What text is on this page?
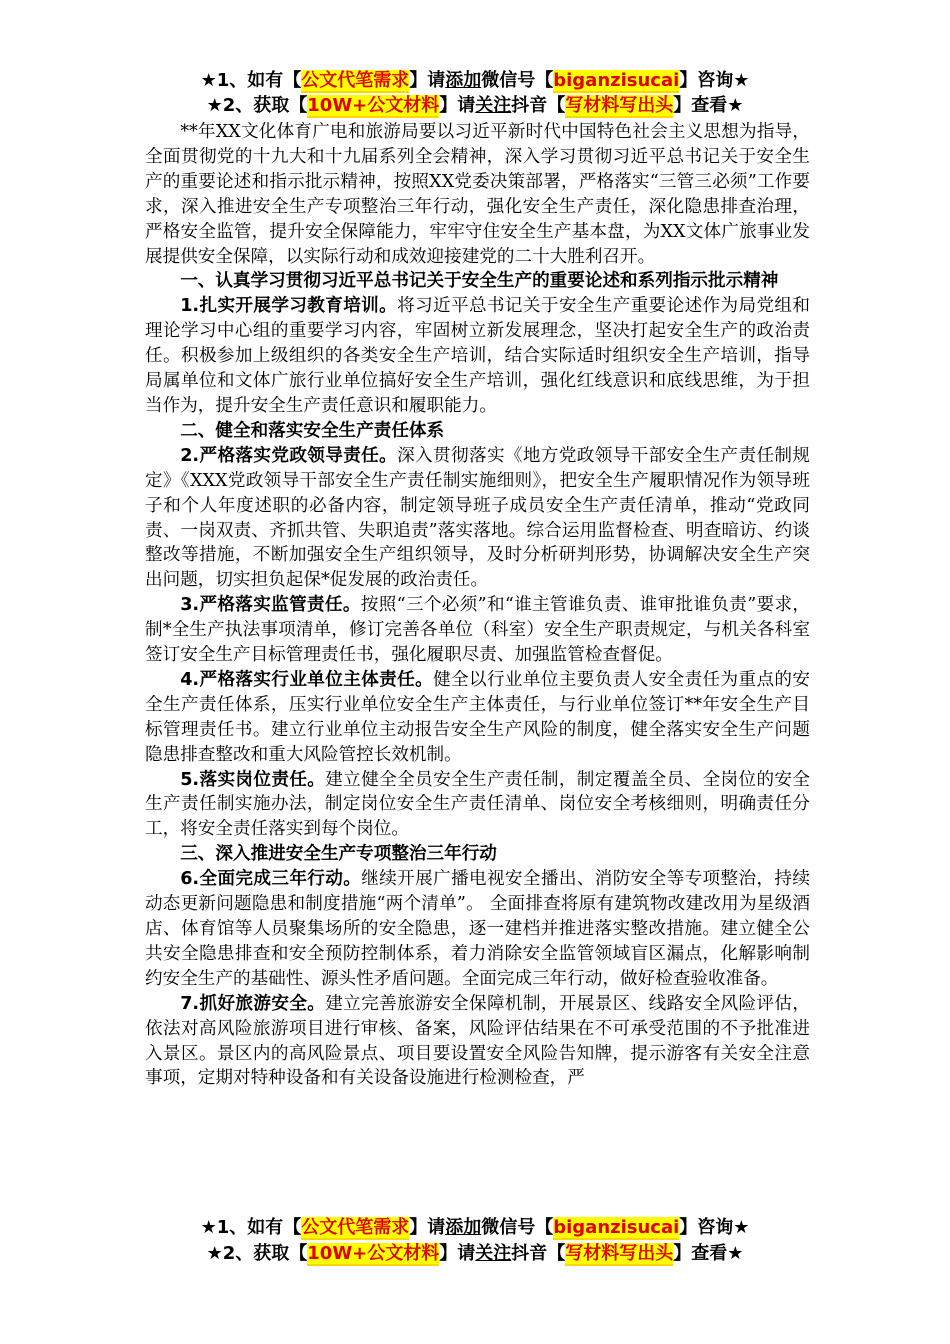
★1、如有【公文代笔需求】请添加微信号【biganzisucai】咨询★
★2、获取【10W+公文材料】请关注抖音【写材料写出头】查看★

**年XX文化体育广电和旅游局要以习近平新时代中国特色社会主义思想为指导，全面贯彻党的十九大和十九届系列全会精神，深入学习贯彻习近平总书记关于安全生产的重要论述和指示批示精神，按照XX党委决策部署，严格落实“三管三必须”工作要求，深入推进安全生产专项整治三年行动，强化安全生产责任，深化隐患排查治理，严格安全监管，提升安全保障能力，牢牢守住安全生产基本盘，为XX文体广旅事业发展提供安全保障，以实际行动和成效迎接建党的二十大胜利召开。

一、认真学习贯彻习近平总书记关于安全生产的重要论述和系列指示批示精神

1.扎实开展学习教育培训。将习近平总书记关于安全生产重要论述作为局党组和理论学习中心组的重要学习内容，牢固树立新发展理念，坚决打起安全生产的政治责任。积极参加上级组织的各类安全生产培训，结合实际适时组织安全生产培训，指导局属单位和文体广旅行业单位搞好安全生产培训，强化红线意识和底线思维，为于担当作为，提升安全生产责任意识和履职能力。

二、健全和落实安全生产责任体系

2.严格落实党政领导责任。深入贯彻落实《地方党政领导干部安全生产责任制规定》《XXX党政领导干部安全生产责任制实施细则》，把安全生产履职情况作为领导班子和个人年度述职的必备内容，制定领导班子成员安全生产责任清单，推动“党政同责、一岗双责、齐抓共管、失职追责”落实落地。综合运用监督检查、明查暗访、约谈整改等措施，不断加强安全生产组织领导，及时分析研判形势，协调解决安全生产突出问题，切实担负起保*促发展的政治责任。

3.严格落实监管责任。按照“三个必须”和“谁主管谁负责、谁审批谁负责”要求，制*全生产执法事项清单，修订完善各单位（科室）安全生产职责规定，与机关各科室签订安全生产目标管理责任书，强化履职尽责、加强监管检查督促。

4.严格落实行业单位主体责任。健全以行业单位主要负责人安全责任为重点的安全生产责任体系，压实行业单位安全生产主体责任，与行业单位签订**年安全生产目标管理责任书。建立行业单位主动报告安全生产风险的制度，健全落实安全生产问题隐患排查整改和重大风险管控长效机制。

5.落实岗位责任。建立健全全员安全生产责任制，制定覆盖全员、全岗位的安全生产责任制实施办法，制定岗位安全生产责任清单、岗位安全考核细则，明确责任分工，将安全责任落实到每个岗位。

三、深入推进安全生产专项整治三年行动

6.全面完成三年行动。继续开展广播电视安全播出、消防安全等专项整治，持续动态更新问题隐患和制度措施“两个清单”。 全面排查将原有建筑物改建改用为星级酒店、体育馆等人员聚集场所的安全隐患，逐一建档并推进落实整改措施。建立健全公共安全隐患排查和安全预防控制体系，着力消除安全监管领域盲区漏点，化解影响制约安全生产的基础性、源头性矛盾问题。全面完成三年行动，做好检查验收准备。

7.抓好旅游安全。建立完善旅游安全保障机制，开展景区、线路安全风险评估，依法对高风险旅游项目进行审核、备案，风险评估结果在不可承受范围的不予批准进入景区。景区内的高风险景点、项目要设置安全风险告知牌，提示游客有关安全注意事项，定期对特种设备和有关设备设施进行检测检查，严

★1、如有【公文代笔需求】请添加微信号【biganzisucai】咨询★
★2、获取【10W+公文材料】请关注抖音【写材料写出头】查看★
